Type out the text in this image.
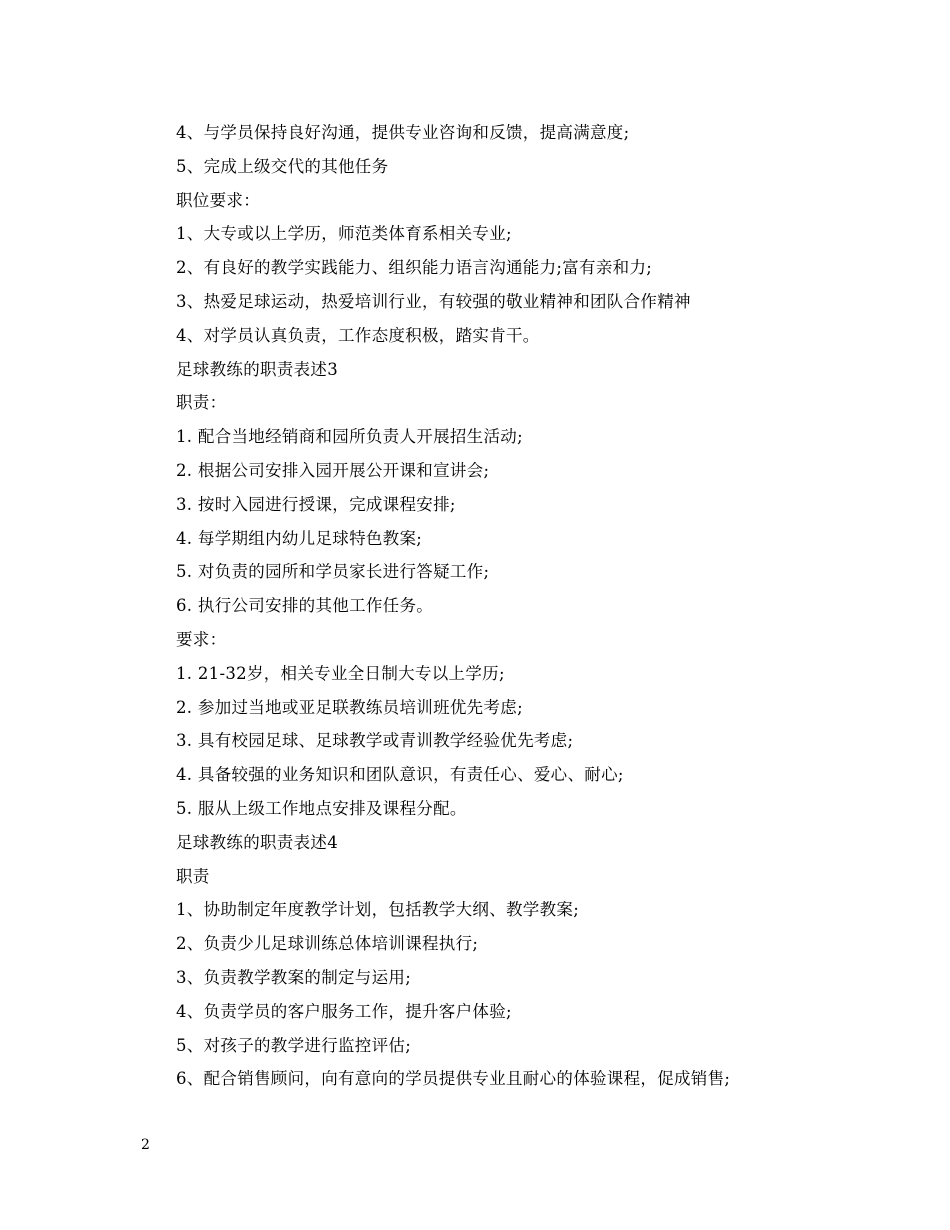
4、与学员保持良好沟通，提供专业咨询和反馈，提高满意度;
5、完成上级交代的其他任务
职位要求：
1、大专或以上学历，师范类体育系相关专业;
2、有良好的教学实践能力、组织能力语言沟通能力;富有亲和力;
3、热爱足球运动，热爱培训行业，有较强的敬业精神和团队合作精神
4、对学员认真负责，工作态度积极，踏实肯干。
足球教练的职责表述3
职责：
1. 配合当地经销商和园所负责人开展招生活动;
2. 根据公司安排入园开展公开课和宣讲会;
3. 按时入园进行授课，完成课程安排;
4. 每学期组内幼儿足球特色教案;
5. 对负责的园所和学员家长进行答疑工作;
6. 执行公司安排的其他工作任务。
要求：
1. 21-32岁，相关专业全日制大专以上学历;
2. 参加过当地或亚足联教练员培训班优先考虑;
3. 具有校园足球、足球教学或青训教学经验优先考虑;
4. 具备较强的业务知识和团队意识，有责任心、爱心、耐心;
5. 服从上级工作地点安排及课程分配。
足球教练的职责表述4
职责
1、协助制定年度教学计划，包括教学大纲、教学教案;
2、负责少儿足球训练总体培训课程执行;
3、负责教学教案的制定与运用;
4、负责学员的客户服务工作，提升客户体验;
5、对孩子的教学进行监控评估;
6、配合销售顾问，向有意向的学员提供专业且耐心的体验课程，促成销售;
2
